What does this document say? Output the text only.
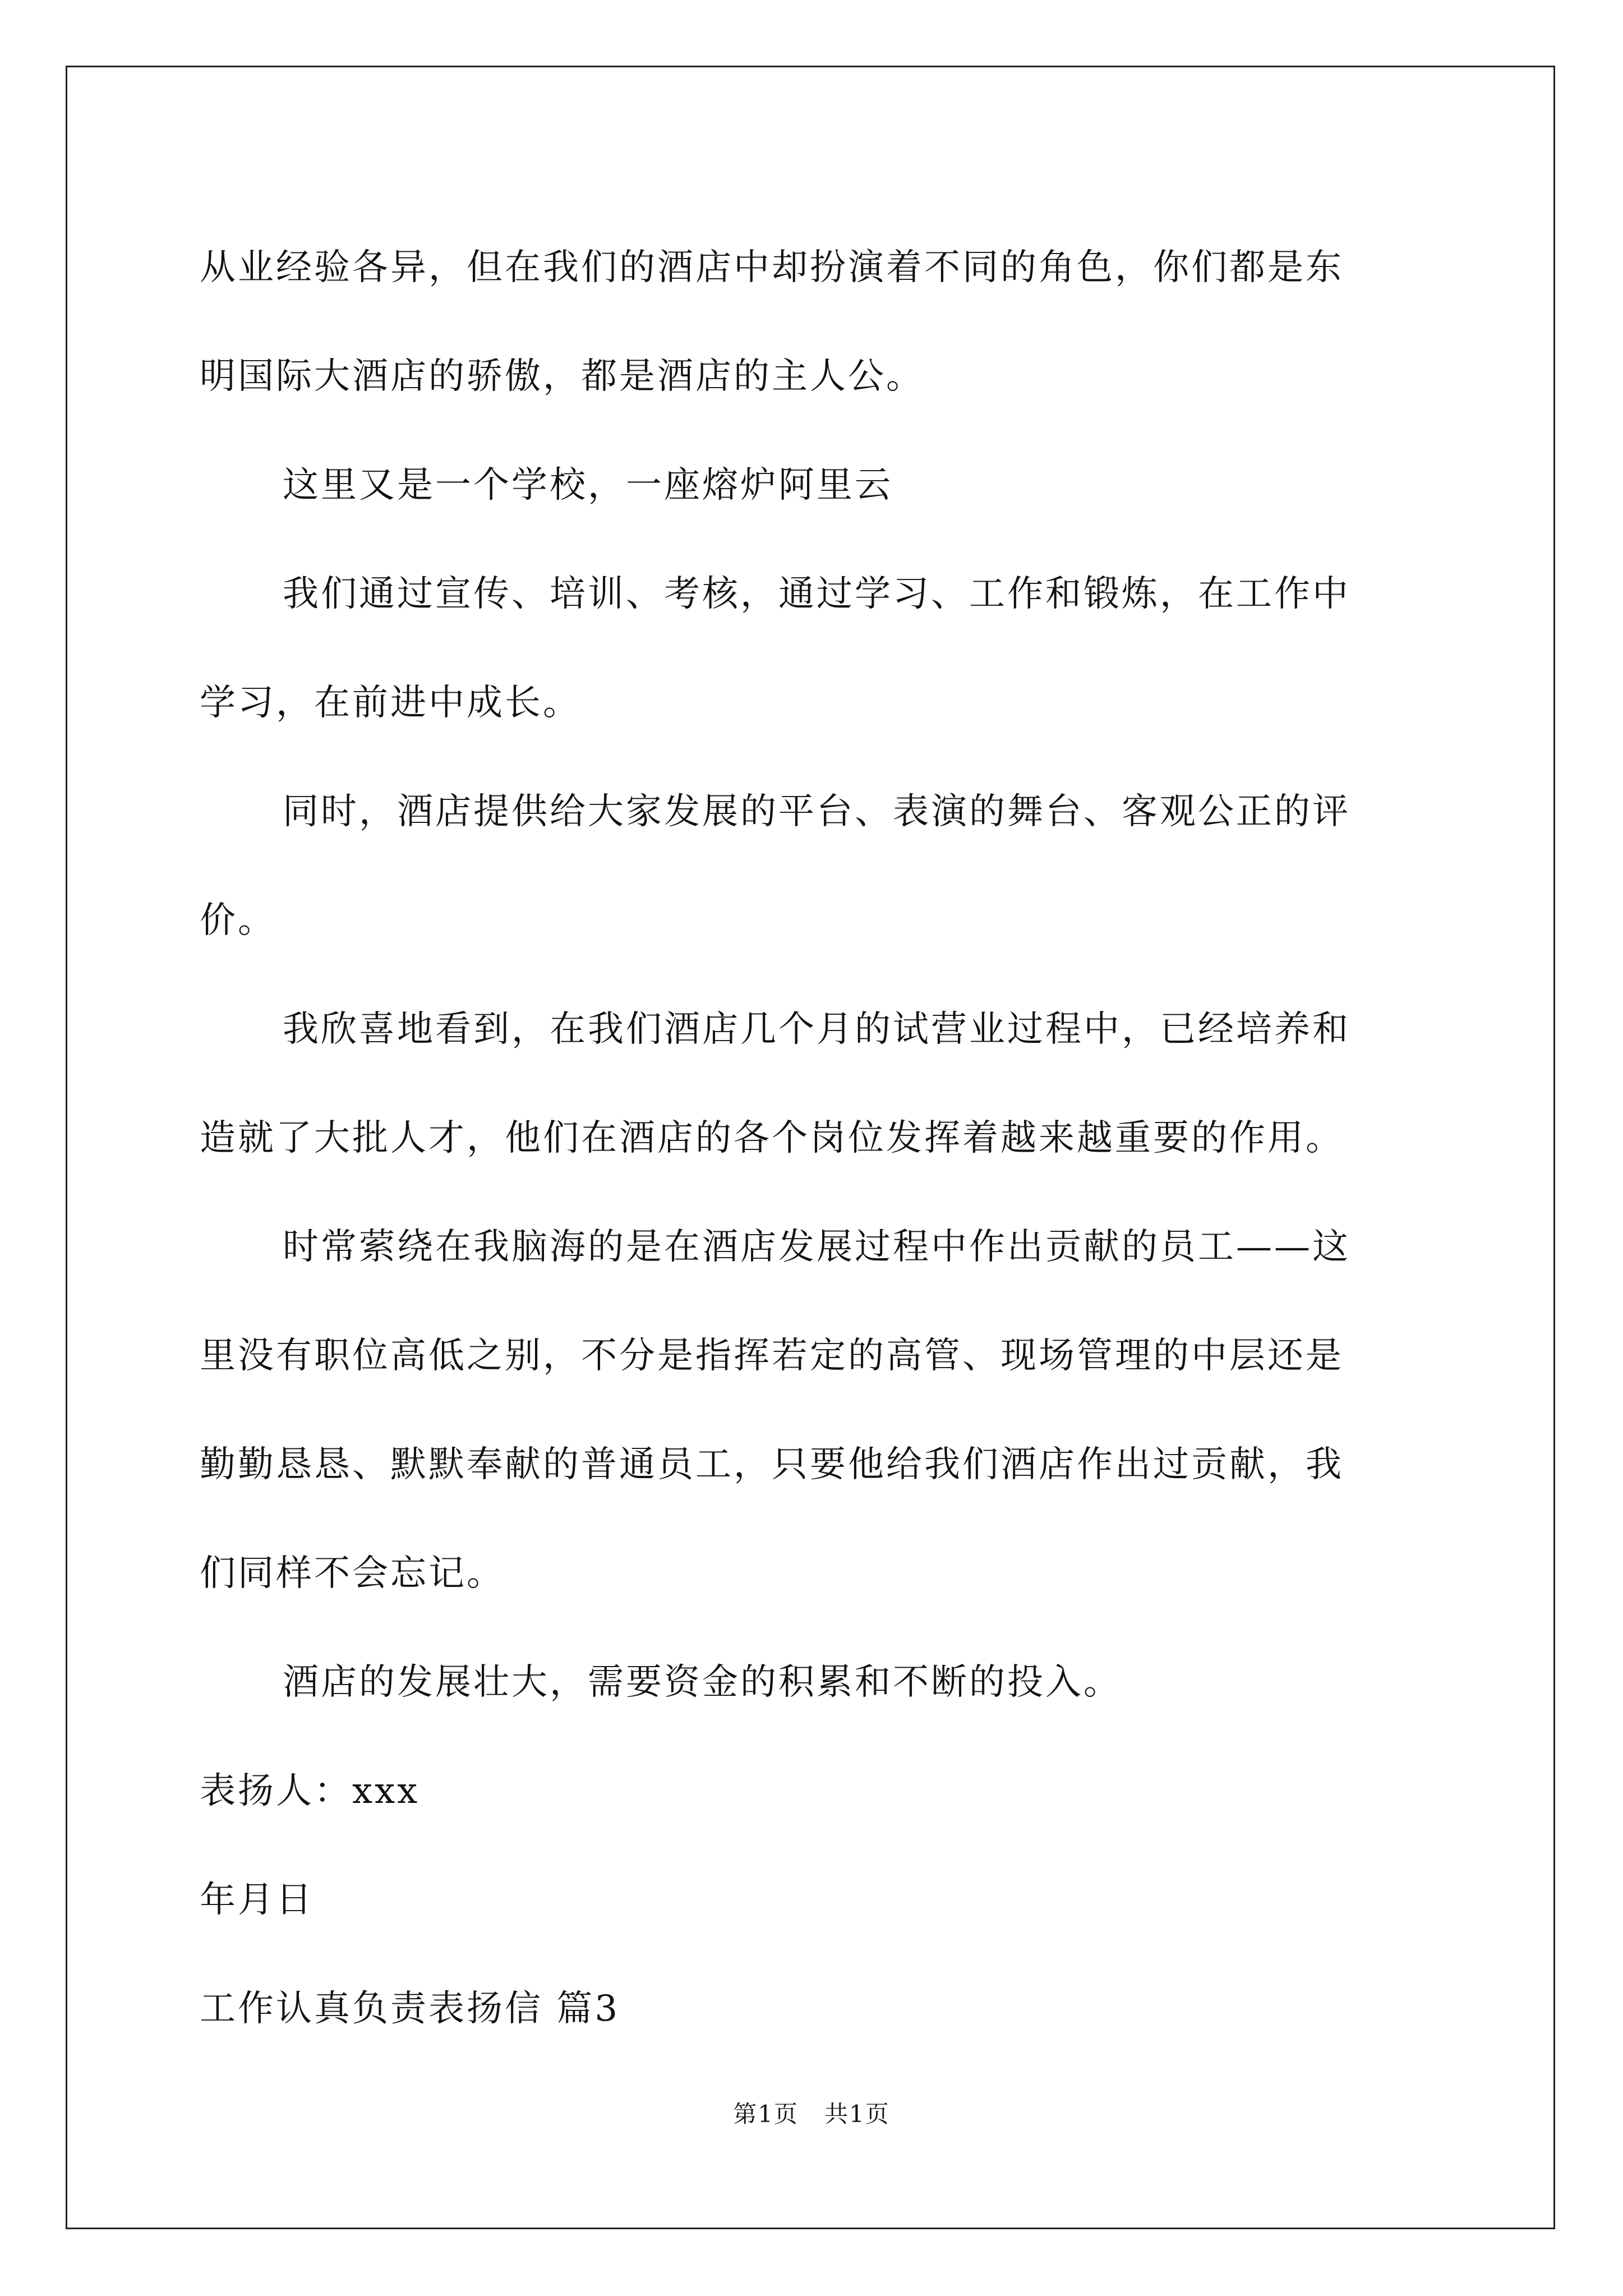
从业经验各异，但在我们的酒店中却扮演着不同的角色，你们都是东
明国际大酒店的骄傲，都是酒店的主人公。
这里又是一个学校，一座熔炉阿里云
我们通过宣传、培训、考核，通过学习、工作和锻炼，在工作中
学习，在前进中成长。
同时，酒店提供给大家发展的平台、表演的舞台、客观公正的评
价。
我欣喜地看到，在我们酒店几个月的试营业过程中，已经培养和
造就了大批人才，他们在酒店的各个岗位发挥着越来越重要的作用。
时常萦绕在我脑海的是在酒店发展过程中作出贡献的员工——这
里没有职位高低之别，不分是指挥若定的高管、现场管理的中层还是
勤勤恳恳、默默奉献的普通员工，只要他给我们酒店作出过贡献，我
们同样不会忘记。
酒店的发展壮大，需要资金的积累和不断的投入。
表扬人：xxx
年月日
工作认真负责表扬信 篇3
第1页   共1页
